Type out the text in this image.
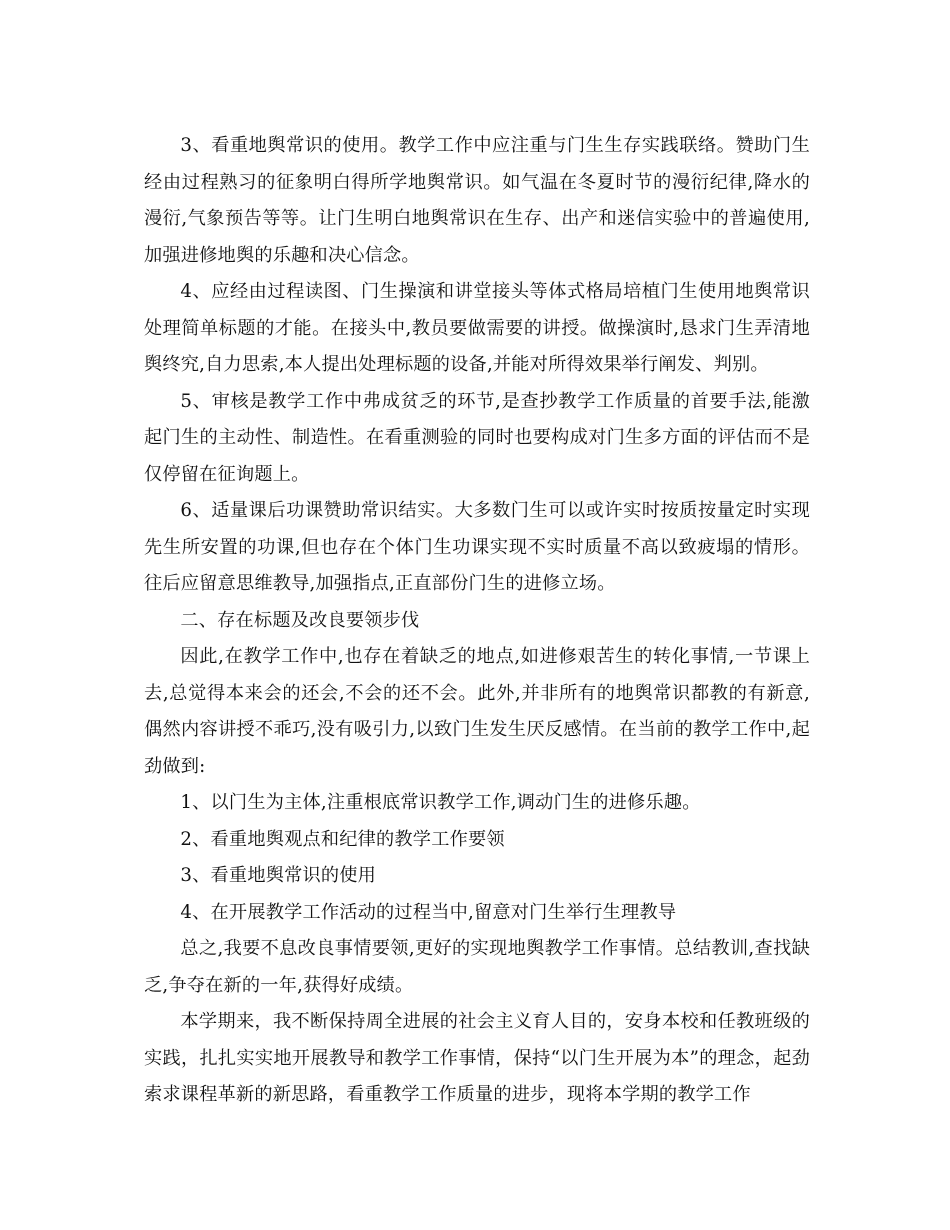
3、看重地舆常识的使用。教学工作中应注重与门生生存实践联络。赞助门生经由过程熟习的征象明白得所学地舆常识。如气温在冬夏时节的漫衍纪律,降水的漫衍,气象预告等等。让门生明白地舆常识在生存、出产和迷信实验中的普遍使用,加强进修地舆的乐趣和决心信念。

4、应经由过程读图、门生操演和讲堂接头等体式格局培植门生使用地舆常识处理简单标题的才能。在接头中,教员要做需要的讲授。做操演时,恳求门生弄清地舆终究,自力思索,本人提出处理标题的设备,并能对所得效果举行阐发、判别。

5、审核是教学工作中弗成贫乏的环节,是查抄教学工作质量的首要手法,能激起门生的主动性、制造性。在看重测验的同时也要构成对门生多方面的评估而不是仅停留在征询题上。

6、适量课后功课赞助常识结实。大多数门生可以或许实时按质按量定时实现先生所安置的功课,但也存在个体门生功课实现不实时质量不高以致疲塌的情形。往后应留意思维教导,加强指点,正直部份门生的进修立场。

二、存在标题及改良要领步伐

因此,在教学工作中,也存在着缺乏的地点,如进修艰苦生的转化事情,一节课上去,总觉得本来会的还会,不会的还不会。此外,并非所有的地舆常识都教的有新意,偶然内容讲授不乖巧,没有吸引力,以致门生发生厌反感情。在当前的教学工作中,起劲做到:

1、以门生为主体,注重根底常识教学工作,调动门生的进修乐趣。

2、看重地舆观点和纪律的教学工作要领

3、看重地舆常识的使用

4、在开展教学工作活动的过程当中,留意对门生举行生理教导

总之,我要不息改良事情要领,更好的实现地舆教学工作事情。总结教训,查找缺乏,争夺在新的一年,获得好成绩。

本学期来，我不断保持周全进展的社会主义育人目的，安身本校和任教班级的实践，扎扎实实地开展教导和教学工作事情，保持“以门生开展为本”的理念，起劲索求课程革新的新思路，看重教学工作质量的进步，现将本学期的教学工作
